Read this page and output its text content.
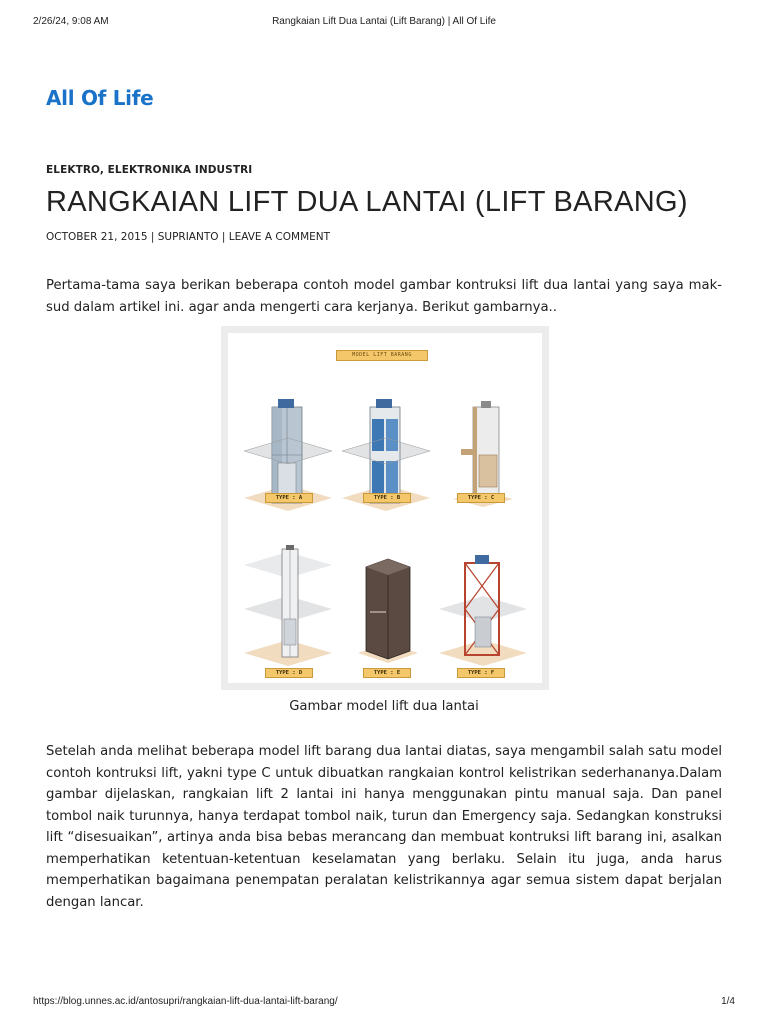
2/26/24, 9:08 AM	Rangkaian Lift Dua Lantai (Lift Barang) | All Of Life
All Of Life
ELEKTRO, ELEKTRONIKA INDUSTRI
RANGKAIAN LIFT DUA LANTAI (LIFT BARANG)
OCTOBER 21, 2015 | SUPRIANTO | LEAVE A COMMENT

Pertama-tama saya berikan beberapa contoh model gambar kontruksi lift dua lantai yang saya mak-sud dalam artikel ini. agar anda mengerti cara kerjanya. Berikut gambarnya..

MODEL LIFT BARANG
TYPE : A	TYPE : B	TYPE : C
TYPE : D	TYPE : E	TYPE : F
Gambar model lift dua lantai

Setelah anda melihat beberapa model lift barang dua lantai diatas, saya mengambil salah satu model contoh kontruksi lift, yakni type C untuk dibuatkan rangkaian kontrol kelistrikan sederhananya.Dalam gambar dijelaskan, rangkaian lift 2 lantai ini hanya menggunakan pintu manual saja. Dan panel tombol naik turunnya, hanya terdapat tombol naik, turun dan Emergency saja. Sedangkan konstruksi lift “disesuaikan”, artinya anda bisa bebas merancang dan membuat kontruksi lift barang ini, asalkan memperhatikan ketentuan-ketentuan keselamatan yang berlaku. Selain itu juga, anda harus memperhatikan bagaimana penempatan peralatan kelistrikannya agar semua sistem dapat berjalan dengan lancar.

https://blog.unnes.ac.id/antosupri/rangkaian-lift-dua-lantai-lift-barang/	1/4
